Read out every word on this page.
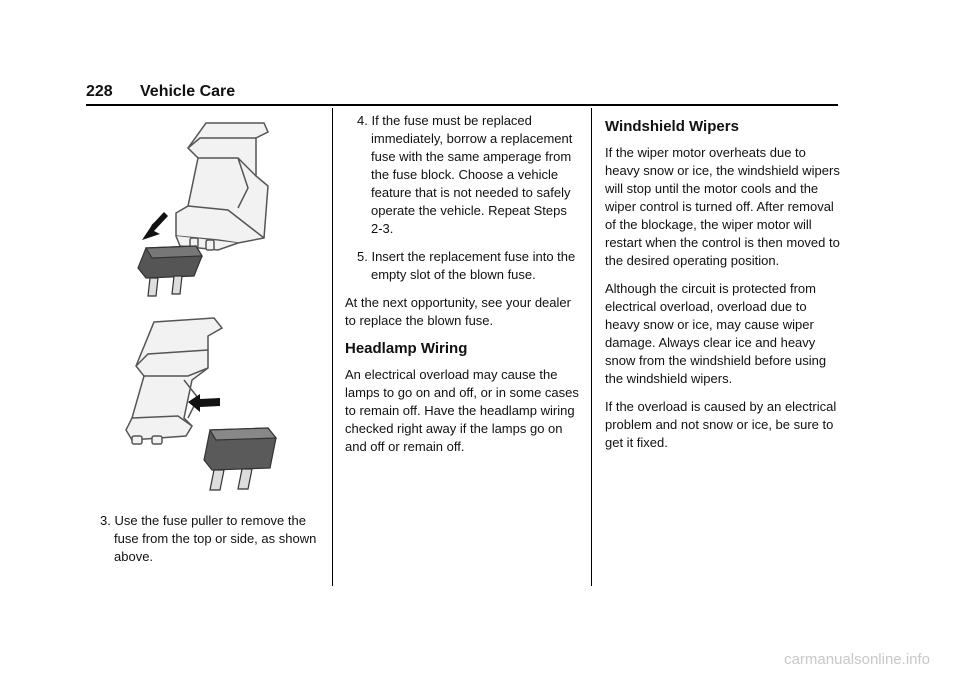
228 Vehicle Care

3. Use the fuse puller to remove the fuse from the top or side, as shown above.

4. If the fuse must be replaced immediately, borrow a replacement fuse with the same amperage from the fuse block. Choose a vehicle feature that is not needed to safely operate the vehicle. Repeat Steps 2-3.

5. Insert the replacement fuse into the empty slot of the blown fuse.

At the next opportunity, see your dealer to replace the blown fuse.

Headlamp Wiring

An electrical overload may cause the lamps to go on and off, or in some cases to remain off. Have the headlamp wiring checked right away if the lamps go on and off or remain off.

Windshield Wipers

If the wiper motor overheats due to heavy snow or ice, the windshield wipers will stop until the motor cools and the wiper control is turned off. After removal of the blockage, the wiper motor will restart when the control is then moved to the desired operating position.

Although the circuit is protected from electrical overload, overload due to heavy snow or ice, may cause wiper damage. Always clear ice and heavy snow from the windshield before using the windshield wipers.

If the overload is caused by an electrical problem and not snow or ice, be sure to get it fixed.

carmanualsonline.info
